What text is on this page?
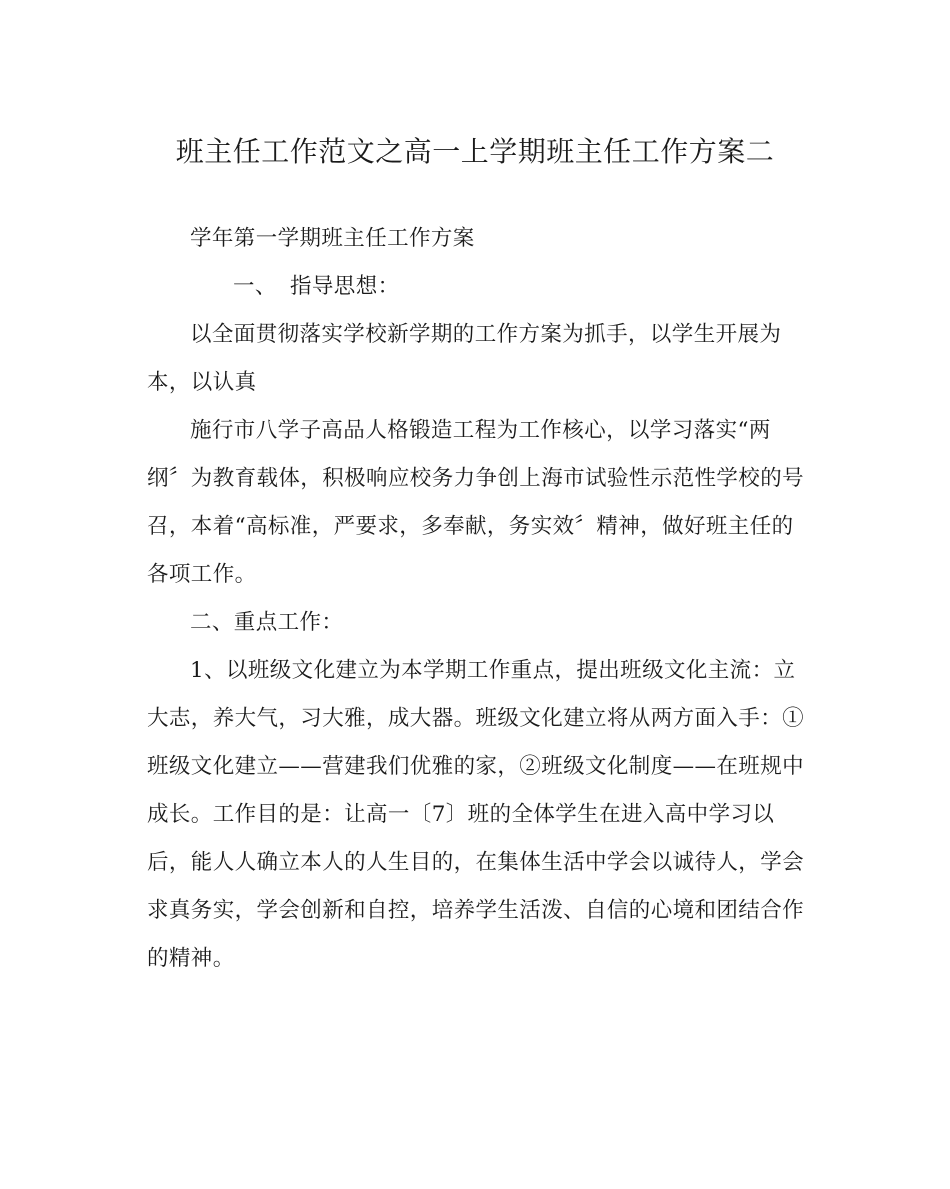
班主任工作范文之高一上学期班主任工作方案二

学年第一学期班主任工作方案

一、 指导思想：

以全面贯彻落实学校新学期的工作方案为抓手，以学生开展为

本，以认真

施行市八学子高品人格锻造工程为工作核心，以学习落实“两

纲〞为教育载体，积极响应校务力争创上海市试验性示范性学校的号
召，本着“高标准，严要求，多奉献，务实效〞精神，做好班主任的
各项工作。

二、重点工作：

1、以班级文化建立为本学期工作重点，提出班级文化主流：立

大志，养大气，习大雅，成大器。班级文化建立将从两方面入手：①
班级文化建立——营建我们优雅的家，②班级文化制度——在班规中
成长。工作目的是：让高一〔7〕班的全体学生在进入高中学习以
后，能人人确立本人的人生目的，在集体生活中学会以诚待人，学会
求真务实，学会创新和自控，培养学生活泼、自信的心境和团结合作
的精神。
